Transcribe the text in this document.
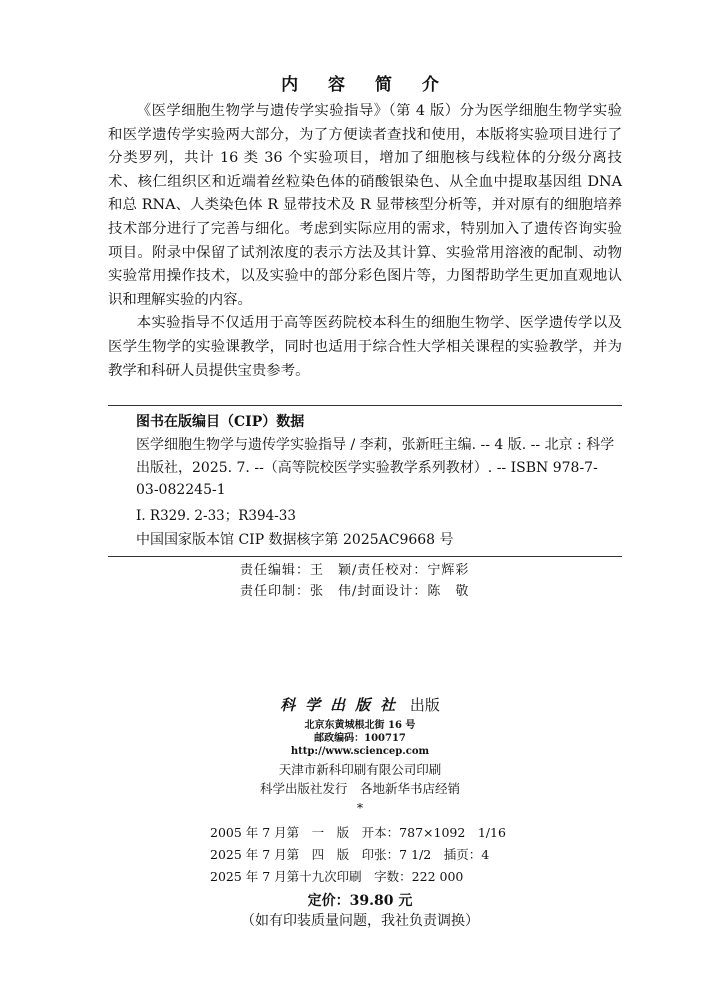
内 容 简 介

《医学细胞生物学与遗传学实验指导》（第 4 版）分为医学细胞生物学实验和医学遗传学实验两大部分，为了方便读者查找和使用，本版将实验项目进行了分类罗列，共计 16 类 36 个实验项目，增加了细胞核与线粒体的分级分离技术、核仁组织区和近端着丝粒染色体的硝酸银染色、从全血中提取基因组 DNA 和总 RNA、人类染色体 R 显带技术及 R 显带核型分析等，并对原有的细胞培养技术部分进行了完善与细化。考虑到实际应用的需求，特别加入了遗传咨询实验项目。附录中保留了试剂浓度的表示方法及其计算、实验常用溶液的配制、动物实验常用操作技术，以及实验中的部分彩色图片等，力图帮助学生更加直观地认识和理解实验的内容。

本实验指导不仅适用于高等医药院校本科生的细胞生物学、医学遗传学以及医学生物学的实验课教学，同时也适用于综合性大学相关课程的实验教学，并为教学和科研人员提供宝贵参考。

图书在版编目（CIP）数据
医学细胞生物学与遗传学实验指导 / 李莉，张新旺主编. -- 4 版. -- 北京 : 科学出版社，2025. 7. --（高等院校医学实验教学系列教材）. -- ISBN 978-7-03-082245-1
Ⅰ. R329. 2-33；R394-33
中国国家版本馆 CIP 数据核字第 2025AC9668 号
责任编辑：王　颖/责任校对：宁辉彩
责任印制：张　伟/封面设计：陈　敬
科学出版社 出版
北京东黄城根北街 16 号
邮政编码：100717
http://www.sciencep.com
天津市新科印刷有限公司印刷
科学出版社发行　各地新华书店经销
*
2005 年 7 月第　一　版　开本：787×1092　1/16
2025 年 7 月第　四　版　印张：7 1/2　插页：4
2025 年 7 月第十九次印刷　字数：222 000
定价：39.80 元
（如有印装质量问题，我社负责调换）
